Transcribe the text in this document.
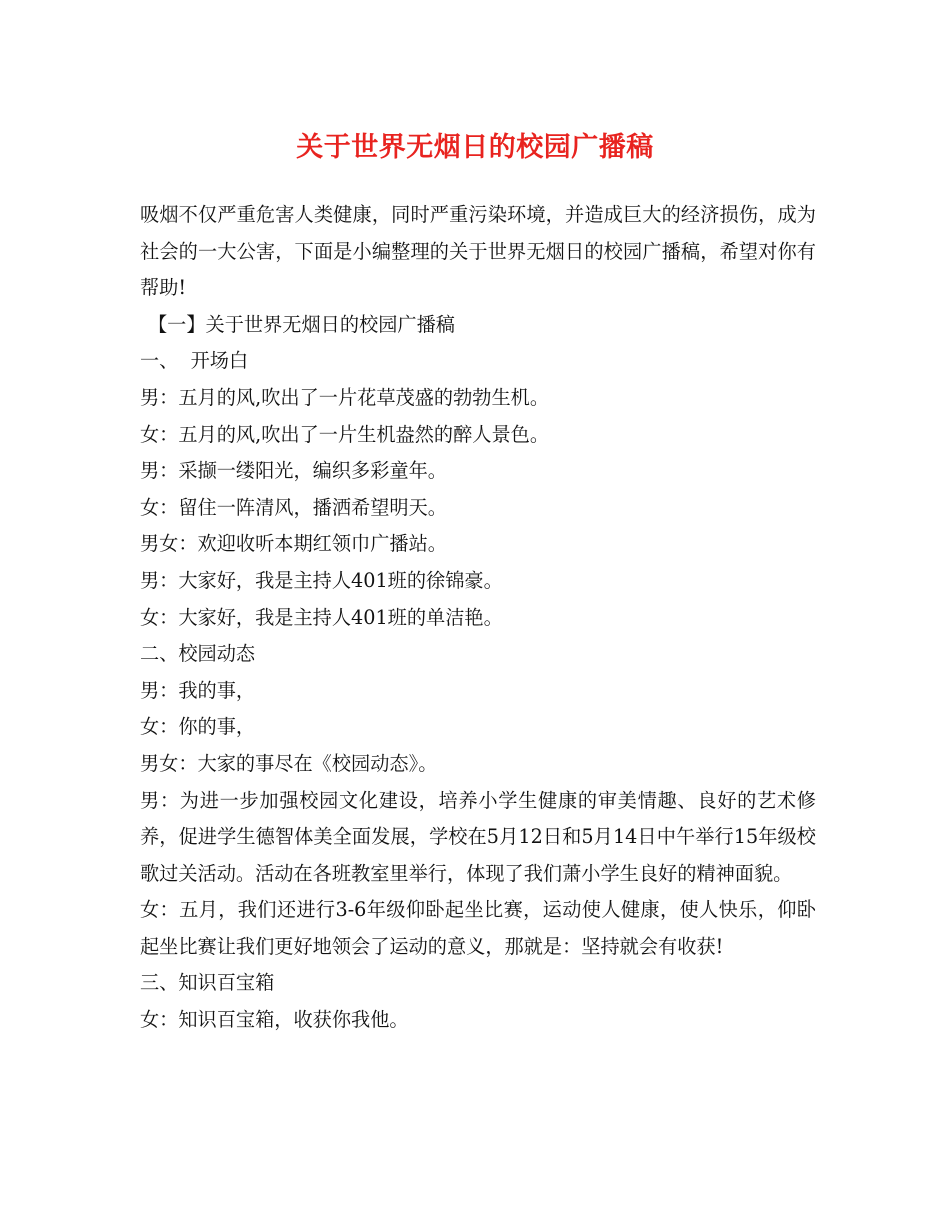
关于世界无烟日的校园广播稿

吸烟不仅严重危害人类健康，同时严重污染环境，并造成巨大的经济损伤，成为社会的一大公害，下面是小编整理的关于世界无烟日的校园广播稿，希望对你有帮助!

【一】关于世界无烟日的校园广播稿

一、  开场白

男：五月的风,吹出了一片花草茂盛的勃勃生机。

女：五月的风,吹出了一片生机盎然的醉人景色。

男：采撷一缕阳光，编织多彩童年。

女：留住一阵清风，播洒希望明天。

男女：欢迎收听本期红领巾广播站。

男：大家好，我是主持人401班的徐锦豪。

女：大家好，我是主持人401班的单洁艳。

二、校园动态

男：我的事，

女：你的事，

男女：大家的事尽在《校园动态》。

男：为进一步加强校园文化建设，培养小学生健康的审美情趣、良好的艺术修养，促进学生德智体美全面发展，学校在5月12日和5月14日中午举行15年级校歌过关活动。活动在各班教室里举行，体现了我们萧小学生良好的精神面貌。

女：五月，我们还进行3-6年级仰卧起坐比赛，运动使人健康，使人快乐，仰卧起坐比赛让我们更好地领会了运动的意义，那就是：坚持就会有收获!

三、知识百宝箱

女：知识百宝箱，收获你我他。
